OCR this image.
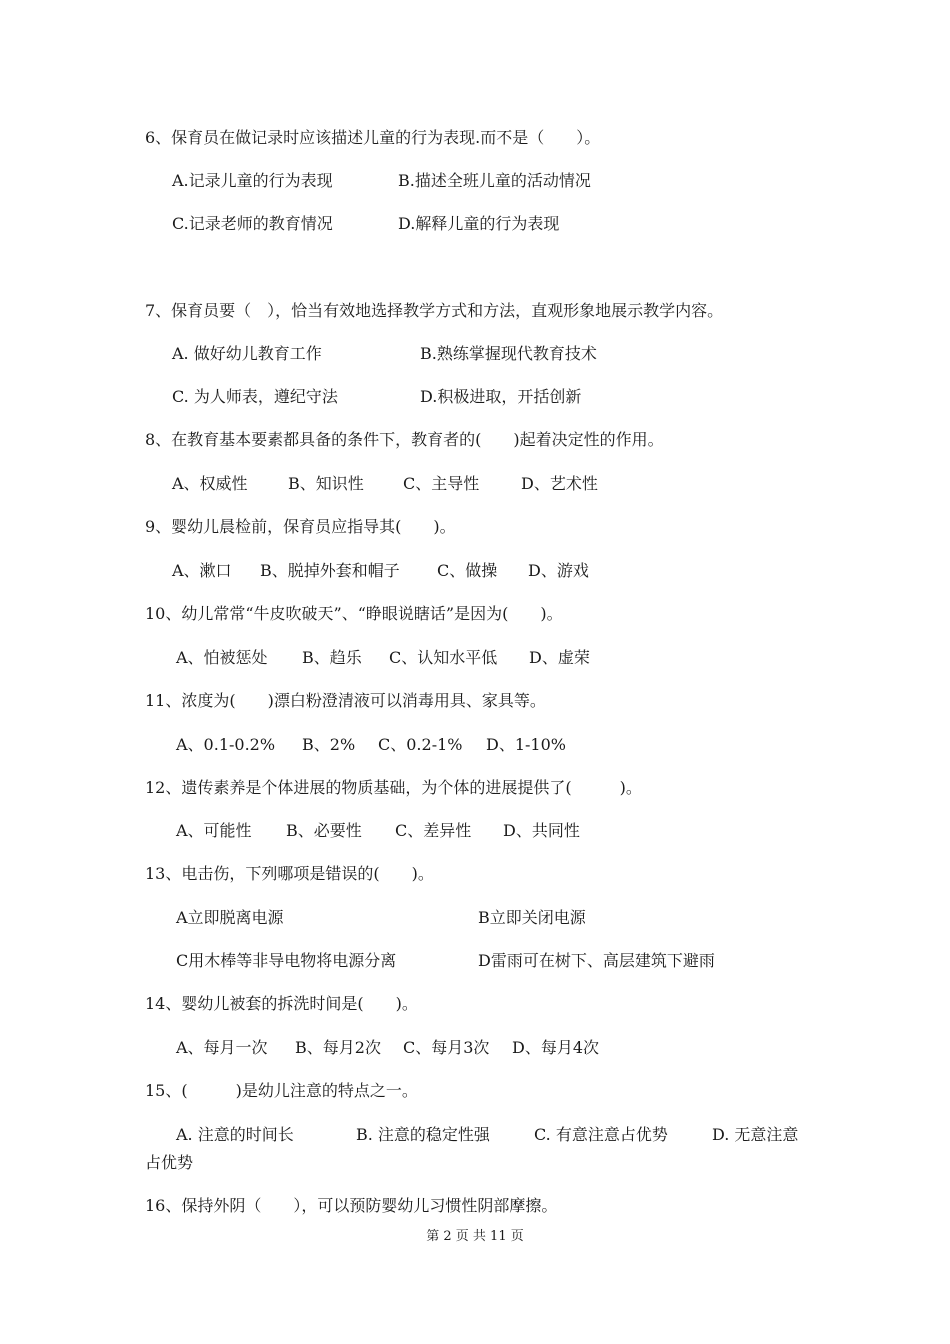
6、保育员在做记录时应该描述儿童的行为表现.而不是（　　）。
A.记录儿童的行为表现	B.描述全班儿童的活动情况
C.记录老师的教育情况	D.解释儿童的行为表现
7、保育员要（　），恰当有效地选择教学方式和方法，直观形象地展示教学内容。
A. 做好幼儿教育工作	B.熟练掌握现代教育技术
C. 为人师表，遵纪守法	D.积极进取，开括创新
8、在教育基本要素都具备的条件下，教育者的(　　)起着决定性的作用。
A、权威性	B、知识性 C、主导性	D、艺术性
9、婴幼儿晨检前，保育员应指导其(　　)。
A、漱口 B、脱掉外套和帽子 C、做操 D、游戏
10、幼儿常常“牛皮吹破天”、“睁眼说瞎话”是因为(　　)。
A、怕被惩处 B、趋乐 C、认知水平低 D、虚荣
11、浓度为(　　)漂白粉澄清液可以消毒用具、家具等。
A、0.1-0.2% B、2% C、0.2-1% D、1-10%
12、遗传素养是个体进展的物质基础，为个体的进展提供了(　　　)。
A、可能性 B、必要性 C、差异性 D、共同性
13、电击伤，下列哪项是错误的(　　)。
A立即脱离电源	B立即关闭电源
C用木棒等非导电物将电源分离	D雷雨可在树下、高层建筑下避雨
14、婴幼儿被套的拆洗时间是(　　)。
A、每月一次 B、每月2次 C、每月3次 D、每月4次
15、(　　　)是幼儿注意的特点之一。
A. 注意的时间长	B. 注意的稳定性强	C. 有意注意占优势	D. 无意注意
占优势
16、保持外阴（　　），可以预防婴幼儿习惯性阴部摩擦。
第 2 页 共 11 页
